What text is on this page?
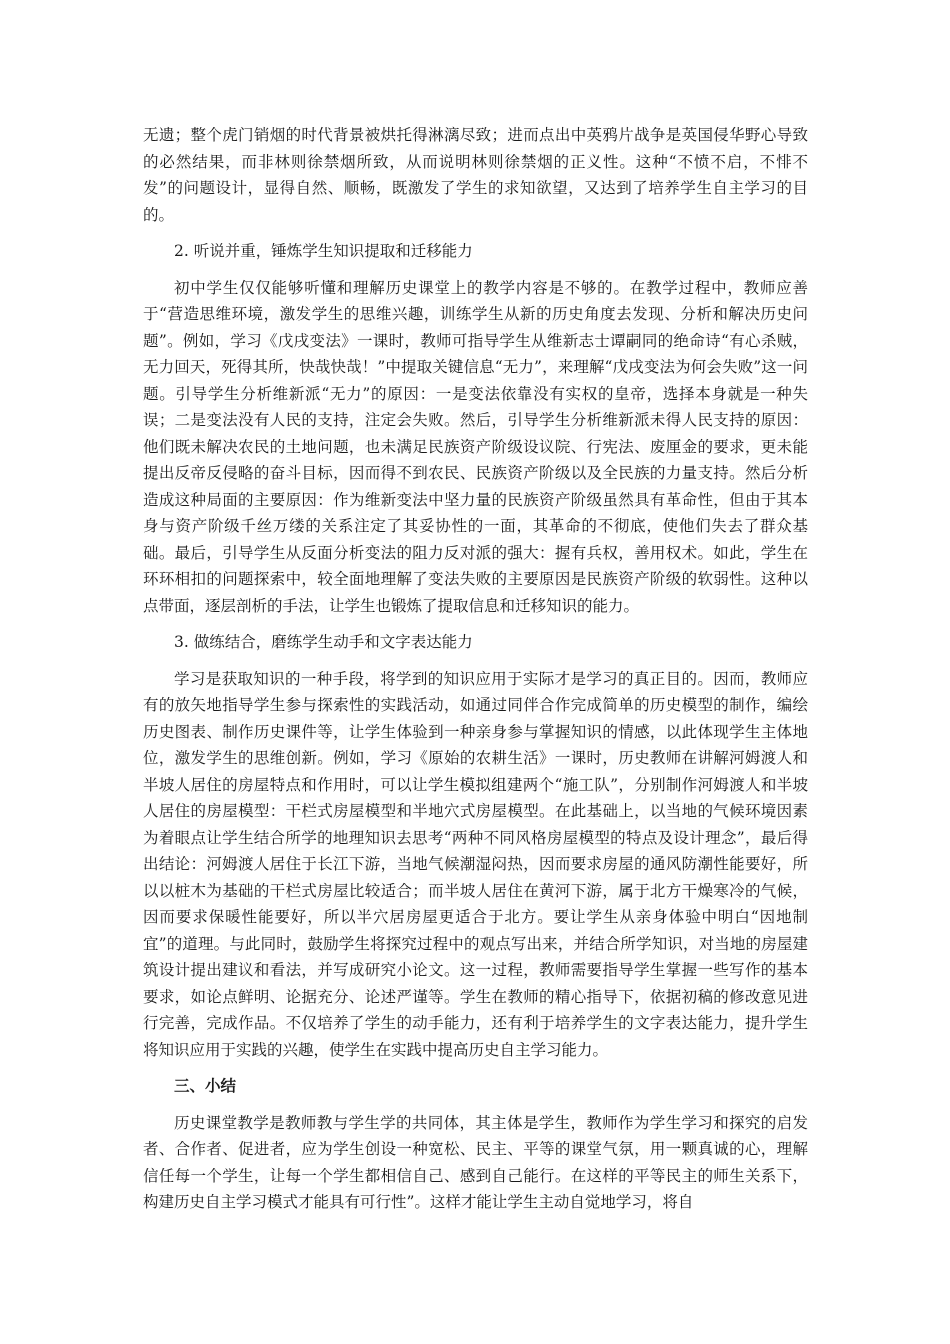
无遗；整个虎门销烟的时代背景被烘托得淋漓尽致；进而点出中英鸦片战争是英国侵华野心导致的必然结果，而非林则徐禁烟所致，从而说明林则徐禁烟的正义性。这种“不愤不启，不悱不发”的问题设计，显得自然、顺畅，既激发了学生的求知欲望，又达到了培养学生自主学习的目的。

2. 听说并重，锤炼学生知识提取和迁移能力

初中学生仅仅能够听懂和理解历史课堂上的教学内容是不够的。在教学过程中，教师应善于“营造思维环境，激发学生的思维兴趣，训练学生从新的历史角度去发现、分析和解决历史问题”。例如，学习《戊戌变法》一课时，教师可指导学生从维新志士谭嗣同的绝命诗“有心杀贼，无力回天，死得其所，快哉快哉！”中提取关键信息“无力”，来理解“戊戌变法为何会失败”这一问题。引导学生分析维新派“无力”的原因：一是变法依靠没有实权的皇帝，选择本身就是一种失误；二是变法没有人民的支持，注定会失败。然后，引导学生分析维新派未得人民支持的原因：他们既未解决农民的土地问题，也未满足民族资产阶级设议院、行宪法、废厘金的要求，更未能提出反帝反侵略的奋斗目标，因而得不到农民、民族资产阶级以及全民族的力量支持。然后分析造成这种局面的主要原因：作为维新变法中坚力量的民族资产阶级虽然具有革命性，但由于其本身与资产阶级千丝万缕的关系注定了其妥协性的一面，其革命的不彻底，使他们失去了群众基础。最后，引导学生从反面分析变法的阻力反对派的强大：握有兵权，善用权术。如此，学生在环环相扣的问题探索中，较全面地理解了变法失败的主要原因是民族资产阶级的软弱性。这种以点带面，逐层剖析的手法，让学生也锻炼了提取信息和迁移知识的能力。

3. 做练结合，磨练学生动手和文字表达能力

学习是获取知识的一种手段，将学到的知识应用于实际才是学习的真正目的。因而，教师应有的放矢地指导学生参与探索性的实践活动，如通过同伴合作完成简单的历史模型的制作，编绘历史图表、制作历史课件等，让学生体验到一种亲身参与掌握知识的情感，以此体现学生主体地位，激发学生的思维创新。例如，学习《原始的农耕生活》一课时，历史教师在讲解河姆渡人和半坡人居住的房屋特点和作用时，可以让学生模拟组建两个“施工队”，分别制作河姆渡人和半坡人居住的房屋模型：干栏式房屋模型和半地穴式房屋模型。在此基础上，以当地的气候环境因素为着眼点让学生结合所学的地理知识去思考“两种不同风格房屋模型的特点及设计理念”，最后得出结论：河姆渡人居住于长江下游，当地气候潮湿闷热，因而要求房屋的通风防潮性能要好，所以以桩木为基础的干栏式房屋比较适合；而半坡人居住在黄河下游，属于北方干燥寒冷的气候，因而要求保暖性能要好，所以半穴居房屋更适合于北方。要让学生从亲身体验中明白“因地制宜”的道理。与此同时，鼓励学生将探究过程中的观点写出来，并结合所学知识，对当地的房屋建筑设计提出建议和看法，并写成研究小论文。这一过程，教师需要指导学生掌握一些写作的基本要求，如论点鲜明、论据充分、论述严谨等。学生在教师的精心指导下，依据初稿的修改意见进行完善，完成作品。不仅培养了学生的动手能力，还有利于培养学生的文字表达能力，提升学生将知识应用于实践的兴趣，使学生在实践中提高历史自主学习能力。

三、小结

历史课堂教学是教师教与学生学的共同体，其主体是学生，教师作为学生学习和探究的启发者、合作者、促进者，应为学生创设一种宽松、民主、平等的课堂气氛，用一颗真诚的心，理解信任每一个学生，让每一个学生都相信自己、感到自己能行。在这样的平等民主的师生关系下，构建历史自主学习模式才能具有可行性”。这样才能让学生主动自觉地学习，将自
